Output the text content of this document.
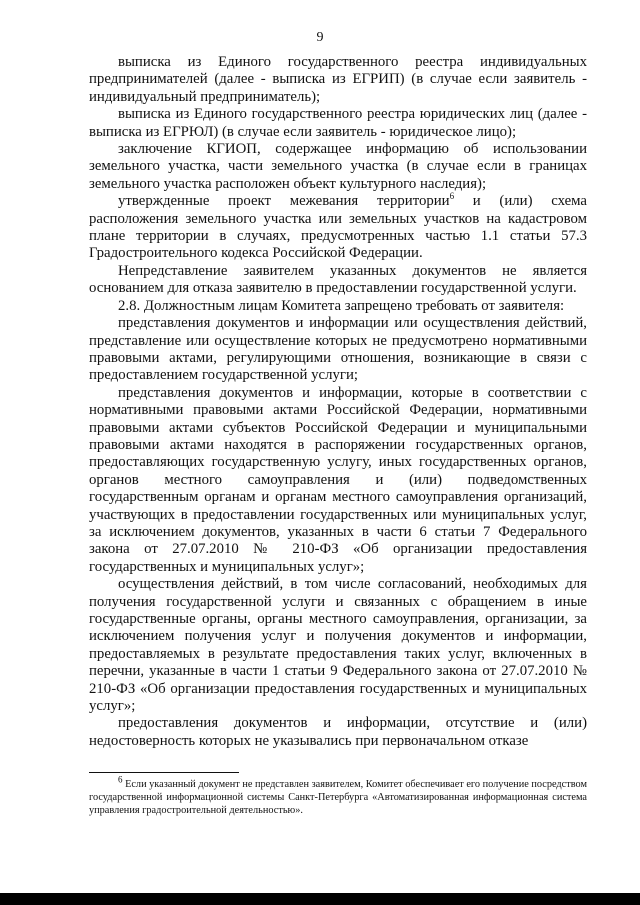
9

выписка из Единого государственного реестра индивидуальных предпринимателей (далее - выписка из ЕГРИП) (в случае если заявитель - индивидуальный предприниматель);

выписка из Единого государственного реестра юридических лиц (далее - выписка из ЕГРЮЛ) (в случае если заявитель - юридическое лицо);

заключение КГИОП, содержащее информацию об использовании земельного участка, части земельного участка (в случае если в границах земельного участка расположен объект культурного наследия);

утвержденные проект межевания территории$^6$ и (или) схема расположения земельного участка или земельных участков на кадастровом плане территории в случаях, предусмотренных частью 1.1 статьи 57.3 Градостроительного кодекса Российской Федерации.

Непредставление заявителем указанных документов не является основанием для отказа заявителю в предоставлении государственной услуги.

2.8. Должностным лицам Комитета запрещено требовать от заявителя:

представления документов и информации или осуществления действий, представление или осуществление которых не предусмотрено нормативными правовыми актами, регулирующими отношения, возникающие в связи с предоставлением государственной услуги;

представления документов и информации, которые в соответствии с нормативными правовыми актами Российской Федерации, нормативными правовыми актами субъектов Российской Федерации и муниципальными правовыми актами находятся в распоряжении государственных органов, предоставляющих государственную услугу, иных государственных органов, органов местного самоуправления и (или) подведомственных государственным органам и органам местного самоуправления организаций, участвующих в предоставлении государственных или муниципальных услуг, за исключением документов, указанных в части 6 статьи 7 Федерального закона от 27.07.2010 № 210-ФЗ «Об организации предоставления государственных и муниципальных услуг»;

осуществления действий, в том числе согласований, необходимых для получения государственной услуги и связанных с обращением в иные государственные органы, органы местного самоуправления, организации, за исключением получения услуг и получения документов и информации, предоставляемых в результате предоставления таких услуг, включенных в перечни, указанные в части 1 статьи 9 Федерального закона от 27.07.2010 № 210-ФЗ «Об организации предоставления государственных и муниципальных услуг»;

предоставления документов и информации, отсутствие и (или) недостоверность которых не указывались при первоначальном отказе

$^6$ Если указанный документ не представлен заявителем, Комитет обеспечивает его получение посредством государственной информационной системы Санкт-Петербурга «Автоматизированная информационная система управления градостроительной деятельностью».
